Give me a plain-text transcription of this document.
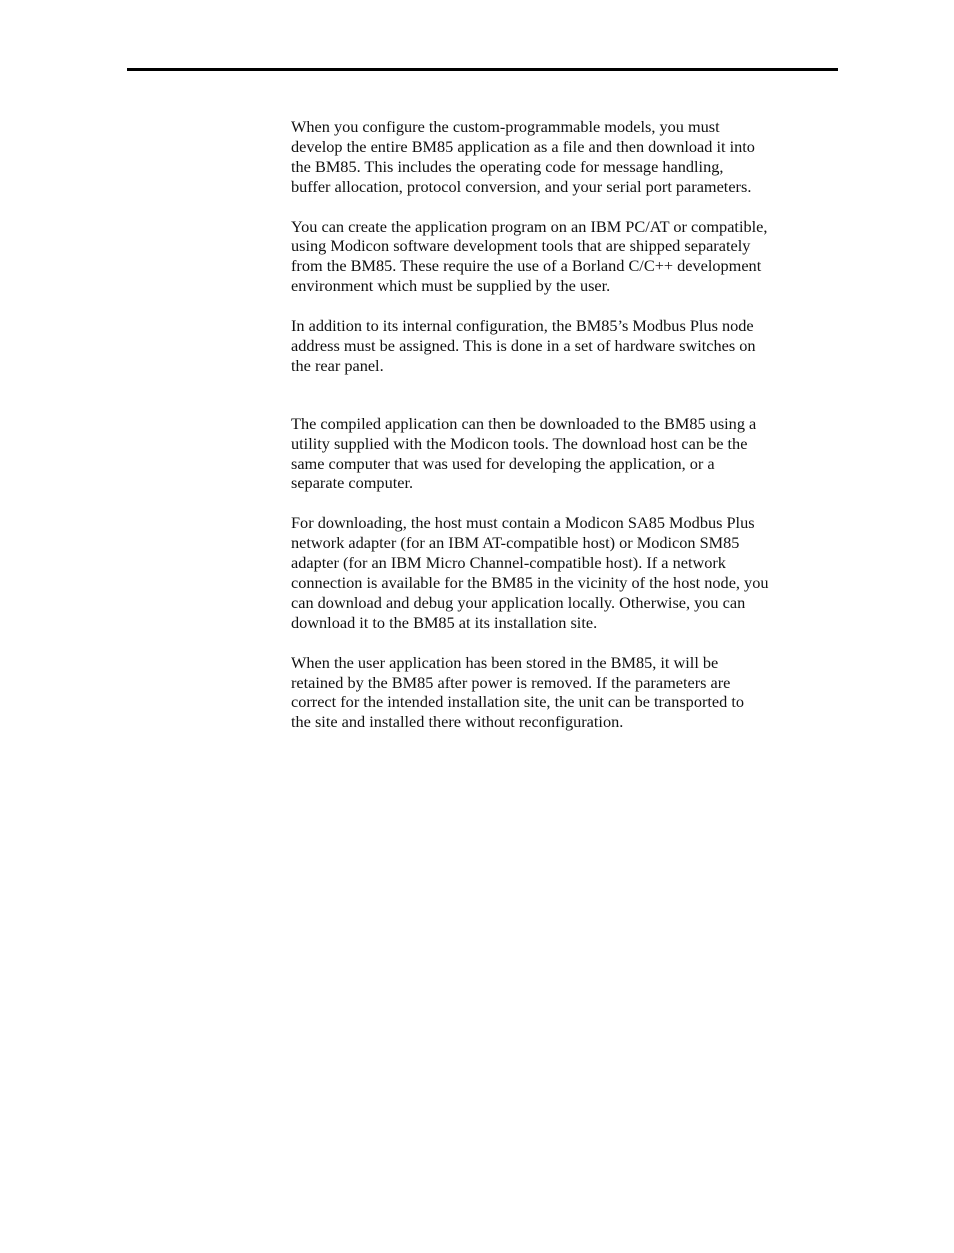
When you configure the custom-programmable models, you must
develop the entire BM85 application as a file and then download it into
the BM85. This includes the operating code for message handling,
buffer allocation, protocol conversion, and your serial port parameters.

You can create the application program on an IBM PC/AT or compatible,
using Modicon software development tools that are shipped separately
from the BM85. These require the use of a Borland C/C++ development
environment which must be supplied by the user.

In addition to its internal configuration, the BM85’s Modbus Plus node
address must be assigned. This is done in a set of hardware switches on
the rear panel.

The compiled application can then be downloaded to the BM85 using a
utility supplied with the Modicon tools. The download host can be the
same computer that was used for developing the application, or a
separate computer.

For downloading, the host must contain a Modicon SA85 Modbus Plus
network adapter (for an IBM AT-compatible host) or Modicon SM85
adapter (for an IBM Micro Channel-compatible host). If a network
connection is available for the BM85 in the vicinity of the host node, you
can download and debug your application locally. Otherwise, you can
download it to the BM85 at its installation site.

When the user application has been stored in the BM85, it will be
retained by the BM85 after power is removed. If the parameters are
correct for the intended installation site, the unit can be transported to
the site and installed there without reconfiguration.
